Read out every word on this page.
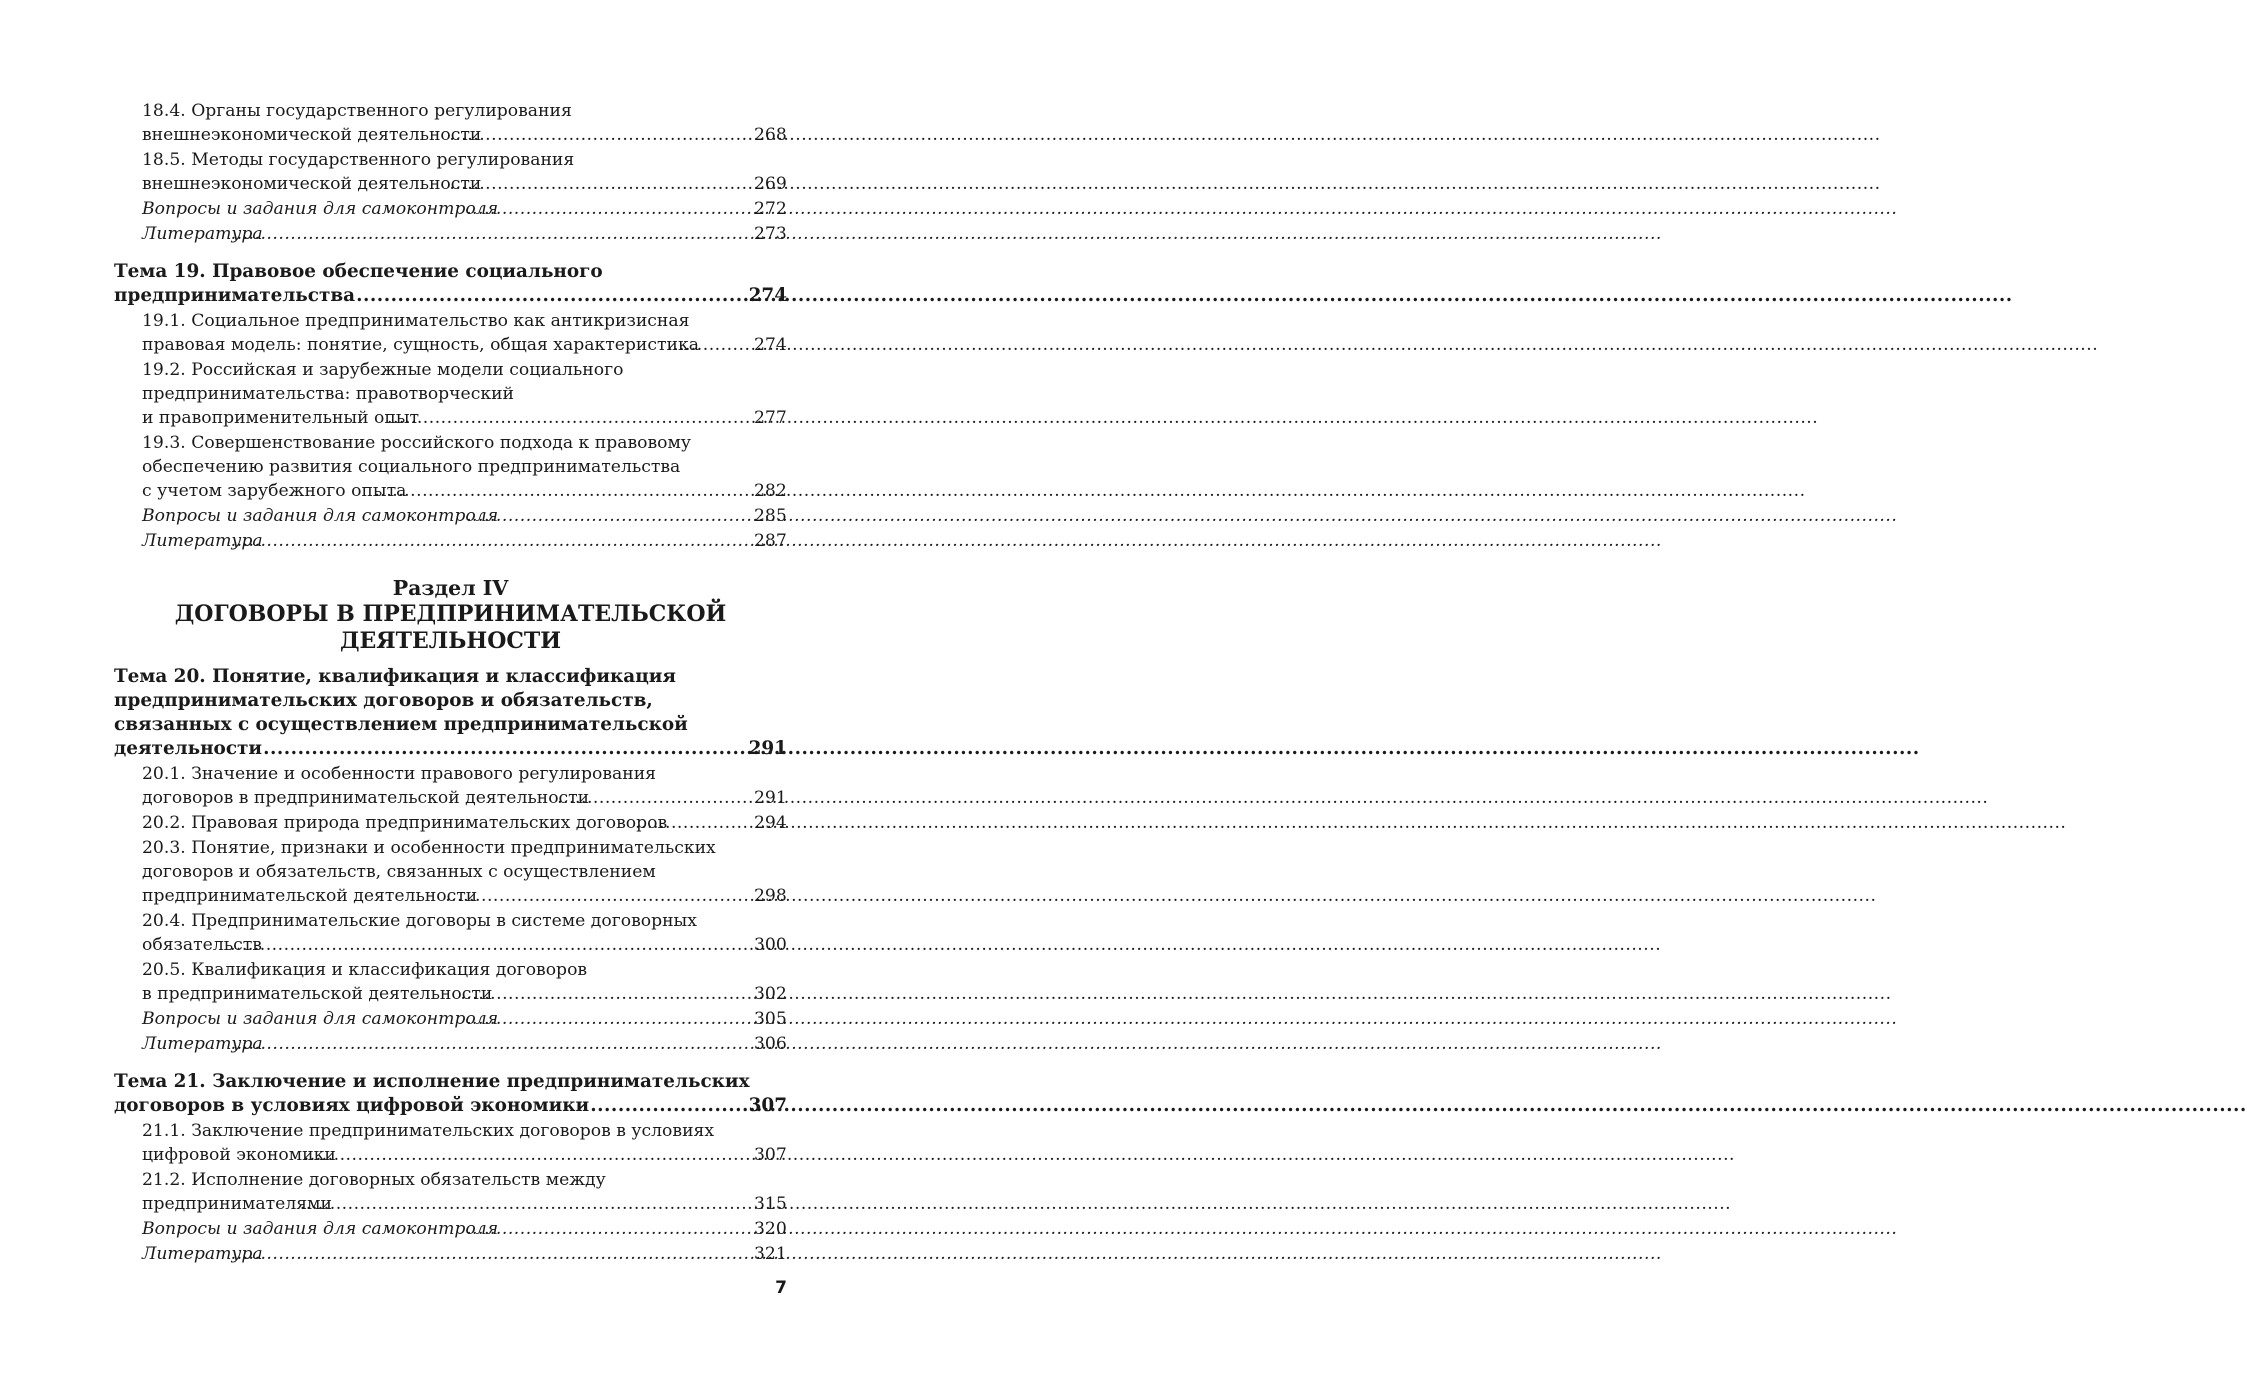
18.4. Органы государственного регулирования
внешнеэкономической деятельности .....	268
18.5. Методы государственного регулирования
внешнеэкономической деятельности .....	269
Вопросы и задания для самоконтроля .....	272
Литература .....	273
Тема 19. Правовое обеспечение социального
предпринимательства .....	274
19.1. Социальное предпринимательство как антикризисная
правовая модель: понятие, сущность, общая характеристика .....	274
19.2. Российская и зарубежные модели социального
предпринимательства: правотворческий
и правоприменительный опыт .....	277
19.3. Совершенствование российского подхода к правовому
обеспечению развития социального предпринимательства
с учетом зарубежного опыта .....	282
Вопросы и задания для самоконтроля .....	285
Литература .....	287
Раздел IV
ДОГОВОРЫ В ПРЕДПРИНИМАТЕЛЬСКОЙ
ДЕЯТЕЛЬНОСТИ
Тема 20. Понятие, квалификация и классификация
предпринимательских договоров и обязательств,
связанных с осуществлением предпринимательской
деятельности .....	291
20.1. Значение и особенности правового регулирования
договоров в предпринимательской деятельности .....	291
20.2. Правовая природа предпринимательских договоров .....	294
20.3. Понятие, признаки и особенности предпринимательских
договоров и обязательств, связанных с осуществлением
предпринимательской деятельности .....	298
20.4. Предпринимательские договоры в системе договорных
обязательств .....	300
20.5. Квалификация и классификация договоров
в предпринимательской деятельности .....	302
Вопросы и задания для самоконтроля .....	305
Литература .....	306
Тема 21. Заключение и исполнение предпринимательских
договоров в условиях цифровой экономики .....	307
21.1. Заключение предпринимательских договоров в условиях
цифровой экономики .....	307
21.2. Исполнение договорных обязательств между
предпринимателями .....	315
Вопросы и задания для самоконтроля .....	320
Литература .....	321
7
